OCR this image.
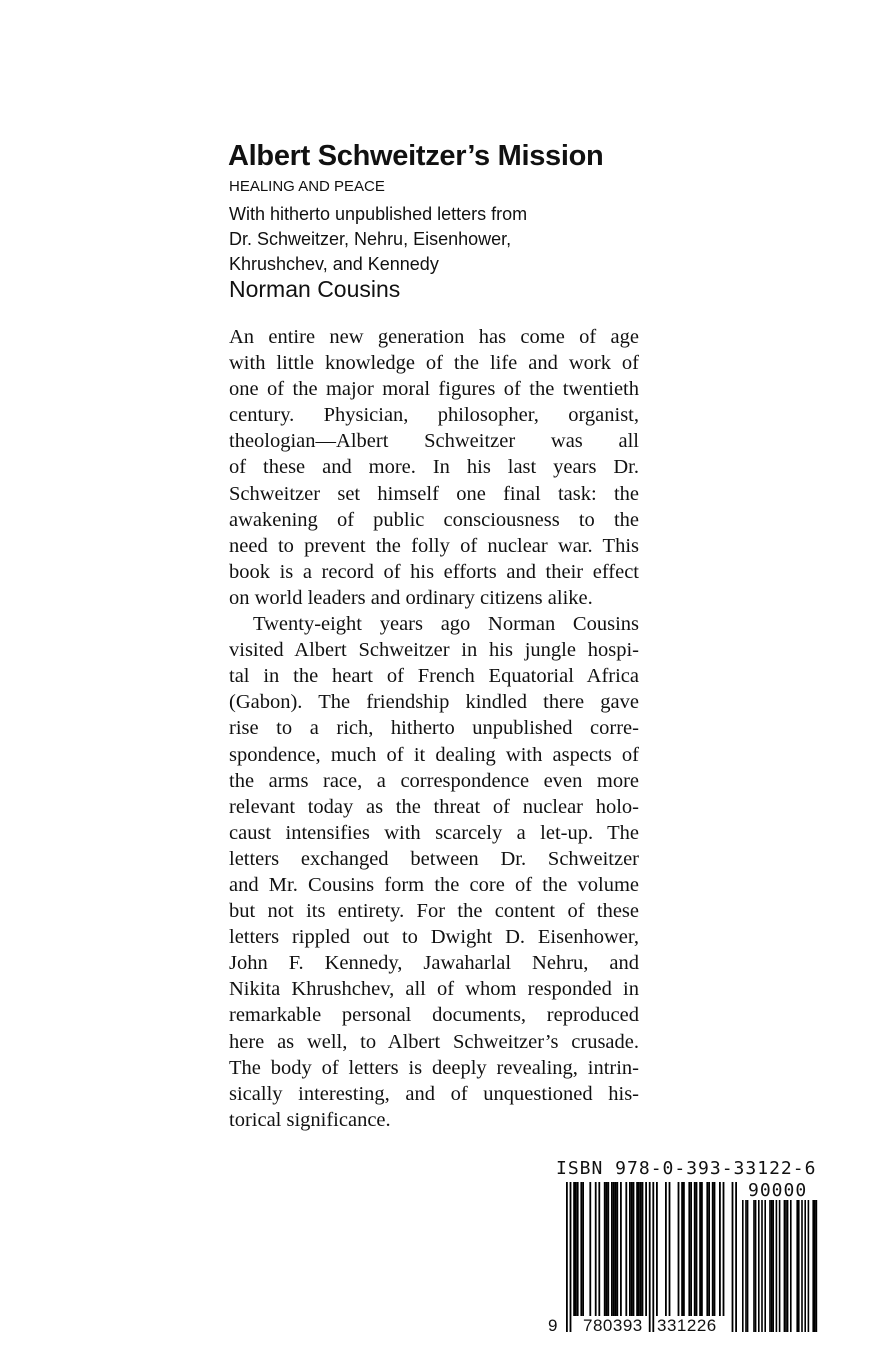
Albert Schweitzer’s Mission
HEALING AND PEACE
With hitherto unpublished letters from
Dr. Schweitzer, Nehru, Eisenhower,
Khrushchev, and Kennedy
Norman Cousins
An entire new generation has come of age
with little knowledge of the life and work of
one of the major moral figures of the twentieth
century. Physician, philosopher, organist,
theologian—Albert Schweitzer was all
of these and more. In his last years Dr.
Schweitzer set himself one final task: the
awakening of public consciousness to the
need to prevent the folly of nuclear war. This
book is a record of his efforts and their effect
on world leaders and ordinary citizens alike.
Twenty-eight years ago Norman Cousins
visited Albert Schweitzer in his jungle hospi-
tal in the heart of French Equatorial Africa
(Gabon). The friendship kindled there gave
rise to a rich, hitherto unpublished corre-
spondence, much of it dealing with aspects of
the arms race, a correspondence even more
relevant today as the threat of nuclear holo-
caust intensifies with scarcely a let-up. The
letters exchanged between Dr. Schweitzer
and Mr. Cousins form the core of the volume
but not its entirety. For the content of these
letters rippled out to Dwight D. Eisenhower,
John F. Kennedy, Jawaharlal Nehru, and
Nikita Khrushchev, all of whom responded in
remarkable personal documents, reproduced
here as well, to Albert Schweitzer’s crusade.
The body of letters is deeply revealing, intrin-
sically interesting, and of unquestioned his-
torical significance.
ISBN 978-0-393-33122-6
90000
9 780393 331226
